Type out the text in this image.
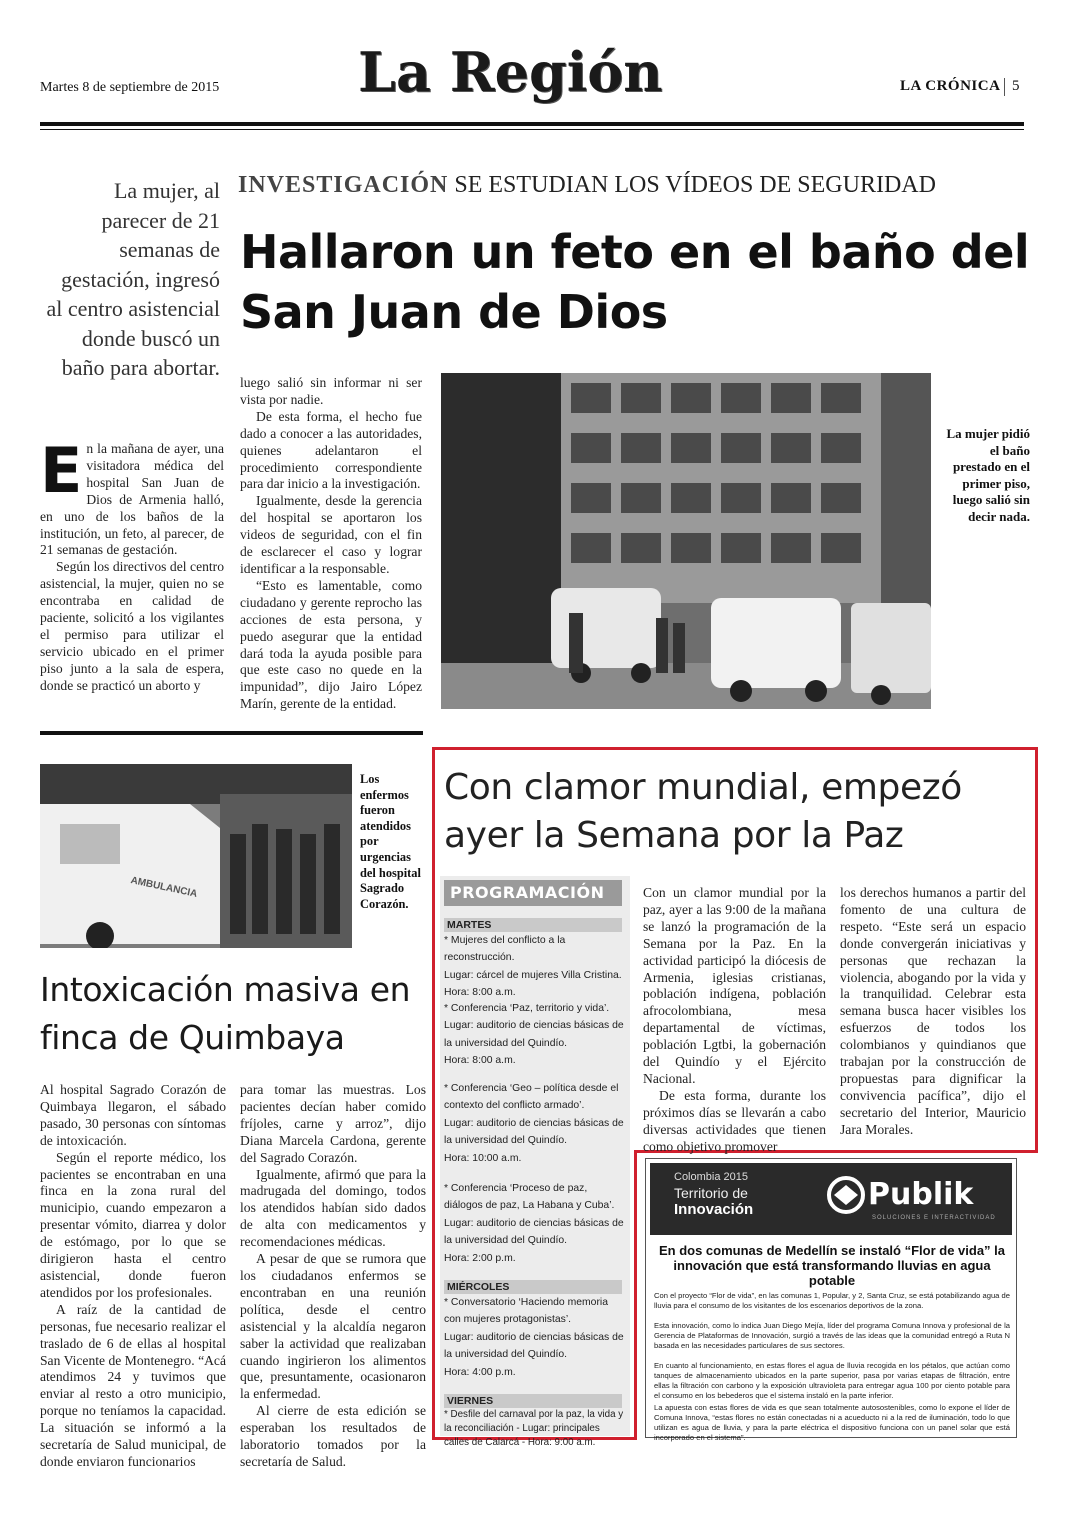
Martes 8 de septiembre de 2015	La Región	LA CRÓNICA 5
La mujer, al parecer de 21 semanas de gestación, ingresó al centro asistencial donde buscó un baño para abortar.
INVESTIGACIÓN SE ESTUDIAN LOS VÍDEOS DE SEGURIDAD
Hallaron un feto en el baño del San Juan de Dios

En la mañana de ayer, una visitadora médica del hospital San Juan de Dios de Armenia halló, en uno de los baños de la institución, un feto, al parecer, de 21 semanas de gestación.

Según los directivos del centro asistencial, la mujer, quien no se encontraba en calidad de paciente, solicitó a los vigilantes el permiso para utilizar el servicio ubicado en el primer piso junto a la sala de espera, donde se practicó un aborto y

luego salió sin informar ni ser vista por nadie.

De esta forma, el hecho fue dado a conocer a las autoridades, quienes adelantaron el procedimiento correspondiente para dar inicio a la investigación.

Igualmente, desde la gerencia del hospital se aportaron los videos de seguridad, con el fin de esclarecer el caso y lograr identificar a la responsable.

“Esto es lamentable, como ciudadano y gerente reprocho las acciones de esta persona, y puedo asegurar que la entidad dará toda la ayuda posible para que este caso no quede en la impunidad”, dijo Jairo López Marín, gerente de la entidad.

La mujer pidió el baño prestado en el primer piso, luego salió sin decir nada.
AMBULANCIA
Los enfermos fueron atendidos por urgencias del hospital Sagrado Corazón.
Intoxicación masiva en finca de Quimbaya

Al hospital Sagrado Corazón de Quimbaya llegaron, el sábado pasado, 30 personas con síntomas de intoxicación.

Según el reporte médico, los pacientes se encontraban en una finca en la zona rural del municipio, cuando empezaron a presentar vómito, diarrea y dolor de estómago, por lo que se dirigieron hasta el centro asistencial, donde fueron atendidos por los profesionales.

A raíz de la cantidad de personas, fue necesario realizar el traslado de 6 de ellas al hospital San Vicente de Montenegro. “Acá atendimos 24 y tuvimos que enviar al resto a otro municipio, porque no teníamos la capacidad. La situación se informó a la secretaría de Salud municipal, de donde enviaron funcionarios

para tomar las muestras. Los pacientes decían haber comido fríjoles, carne y arroz”, dijo Diana Marcela Cardona, gerente del Sagrado Corazón.

Igualmente, afirmó que para la madrugada del domingo, todos los atendidos habían sido dados de alta con medicamentos y recomendaciones médicas.

A pesar de que se rumora que los ciudadanos enfermos se encontraban en una reunión política, desde el centro asistencial y la alcaldía negaron saber la actividad que realizaban cuando ingirieron los alimentos que, presuntamente, ocasionaron la enfermedad.

Al cierre de esta edición se esperaban los resultados de laboratorio tomados por la secretaría de Salud.

Con clamor mundial, empezó ayer la Semana por la Paz
PROGRAMACIÓN
MARTES
* Mujeres del conflicto a la reconstrucción.
Lugar: cárcel de mujeres Villa Cristina.
Hora: 8:00 a.m.
* Conferencia ‘Paz, territorio y vida’.
Lugar: auditorio de ciencias básicas de la universidad del Quindío.
Hora: 8:00 a.m.
* Conferencia ‘Geo – política desde el contexto del conflicto armado’.
Lugar: auditorio de ciencias básicas de la universidad del Quindío.
Hora: 10:00 a.m.
* Conferencia ‘Proceso de paz, diálogos de paz, La Habana y Cuba’.
Lugar: auditorio de ciencias básicas de la universidad del Quindío.
Hora: 2:00 p.m.
MIÉRCOLES
* Conversatorio ‘Haciendo memoria con mujeres protagonistas’.
Lugar: auditorio de ciencias básicas de la universidad del Quindío.
Hora: 4:00 p.m.
VIERNES
* Desfile del carnaval por la paz, la vida y la reconciliación - Lugar: principales calles de Calarcá - Hora: 9:00 a.m.

Con un clamor mundial por la paz, ayer a las 9:00 de la mañana se lanzó la programación de la Semana por la Paz. En la actividad participó la diócesis de Armenia, iglesias cristianas, población indígena, población afrocolombiana, mesa departamental de víctimas, población Lgtbi, la gobernación del Quindío y el Ejército Nacional.

De esta forma, durante los próximos días se llevarán a cabo diversas actividades que tienen como objetivo promover

los derechos humanos a partir del fomento de una cultura de respeto. “Este será un espacio donde convergerán iniciativas y personas que rechazan la violencia, abogando por la vida y la tranquilidad. Celebrar esta semana busca hacer visibles los esfuerzos de todos los colombianos y quindianos que trabajan por la construcción de propuestas para dignificar la convivencia pacífica”, dijo el secretario del Interior, Mauricio Jara Morales.

Colombia 2015
Territorio de
Innovación	Publik
SOLUCIONES E INTERACTIVIDAD
En dos comunas de Medellín se instaló “Flor de vida” la innovación que está transformando lluvias en agua potable
Con el proyecto “Flor de vida”, en las comunas 1, Popular, y 2, Santa Cruz, se está potabilizando agua de lluvia para el consumo de los visitantes de los escenarios deportivos de la zona.
Esta innovación, como lo indica Juan Diego Mejía, líder del programa Comuna Innova y profesional de la Gerencia de Plataformas de Innovación, surgió a través de las ideas que la comunidad entregó a Ruta N basada en las necesidades particulares de sus sectores.
En cuanto al funcionamiento, en estas flores el agua de lluvia recogida en los pétalos, que actúan como tanques de almacenamiento ubicados en la parte superior, pasa por varias etapas de filtración, entre ellas la filtración con carbono y la exposición ultravioleta para entregar agua 100 por ciento potable para el consumo en los bebederos que el sistema instaló en la parte inferior.
La apuesta con estas flores de vida es que sean totalmente autosostenibles, como lo expone el líder de Comuna Innova, “estas flores no están conectadas ni a acueducto ni a la red de iluminación, todo lo que utilizan es agua de lluvia, y para la parte eléctrica el dispositivo funciona con un panel solar que está incorporado en el sistema”.
